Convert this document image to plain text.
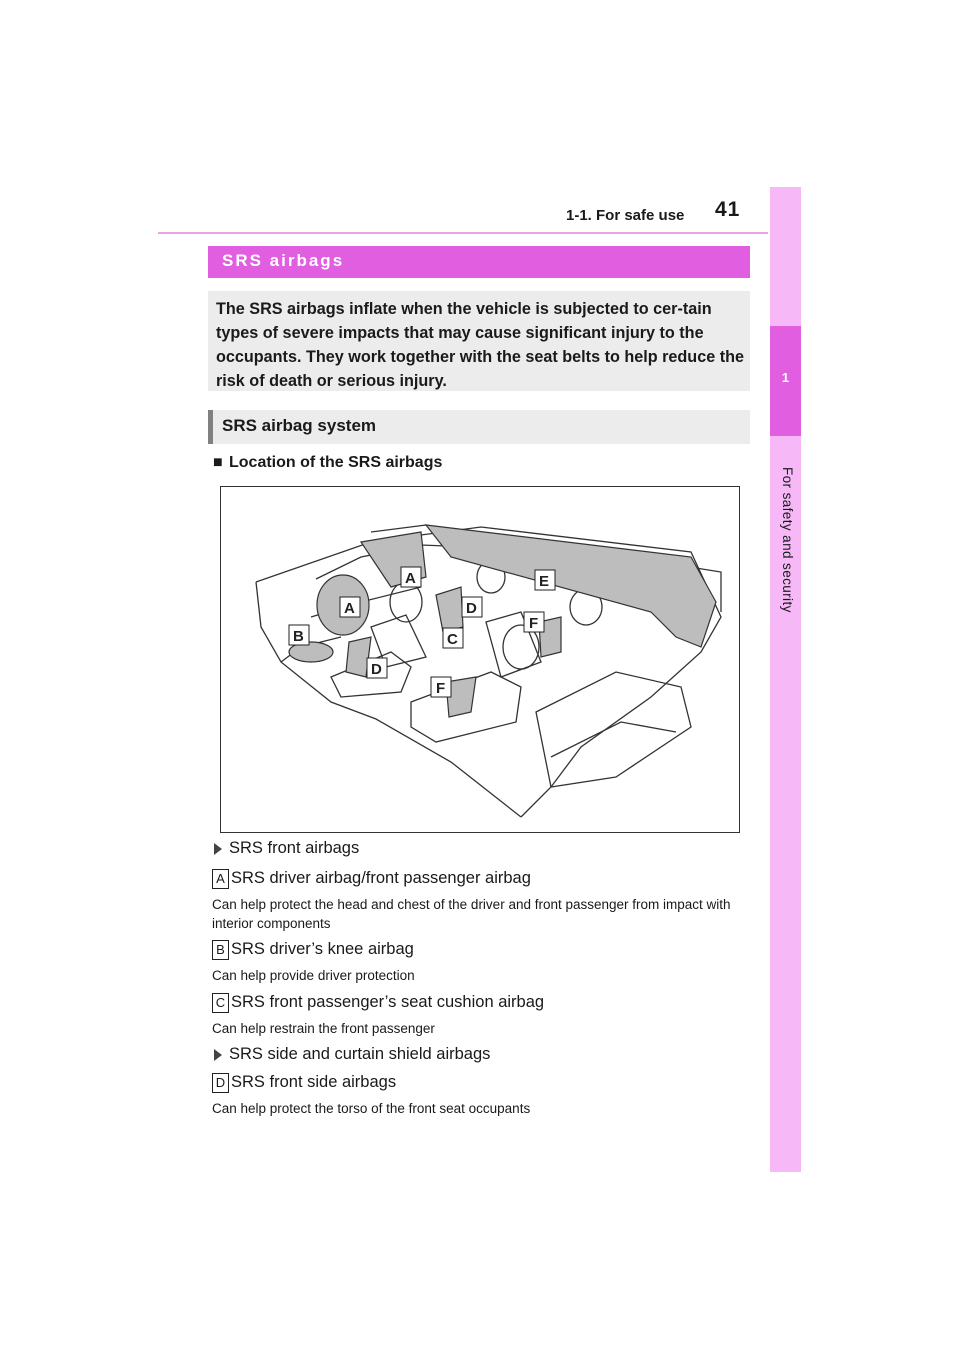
1-1. For safe use 41
1
For safety and security
SRS airbags
The SRS airbags inflate when the vehicle is subjected to cer-tain types of severe impacts that may cause significant injury to the occupants. They work together with the seat belts to help reduce the risk of death or serious injury.
SRS airbag system
■ Location of the SRS airbags
A	E
D
A
F
B	C
D
F
SRS front airbags
A SRS driver airbag/front passenger airbag
Can help protect the head and chest of the driver and front passenger from impact with interior components
B SRS driver’s knee airbag
Can help provide driver protection
C SRS front passenger’s seat cushion airbag
Can help restrain the front passenger
SRS side and curtain shield airbags
D SRS front side airbags
Can help protect the torso of the front seat occupants
